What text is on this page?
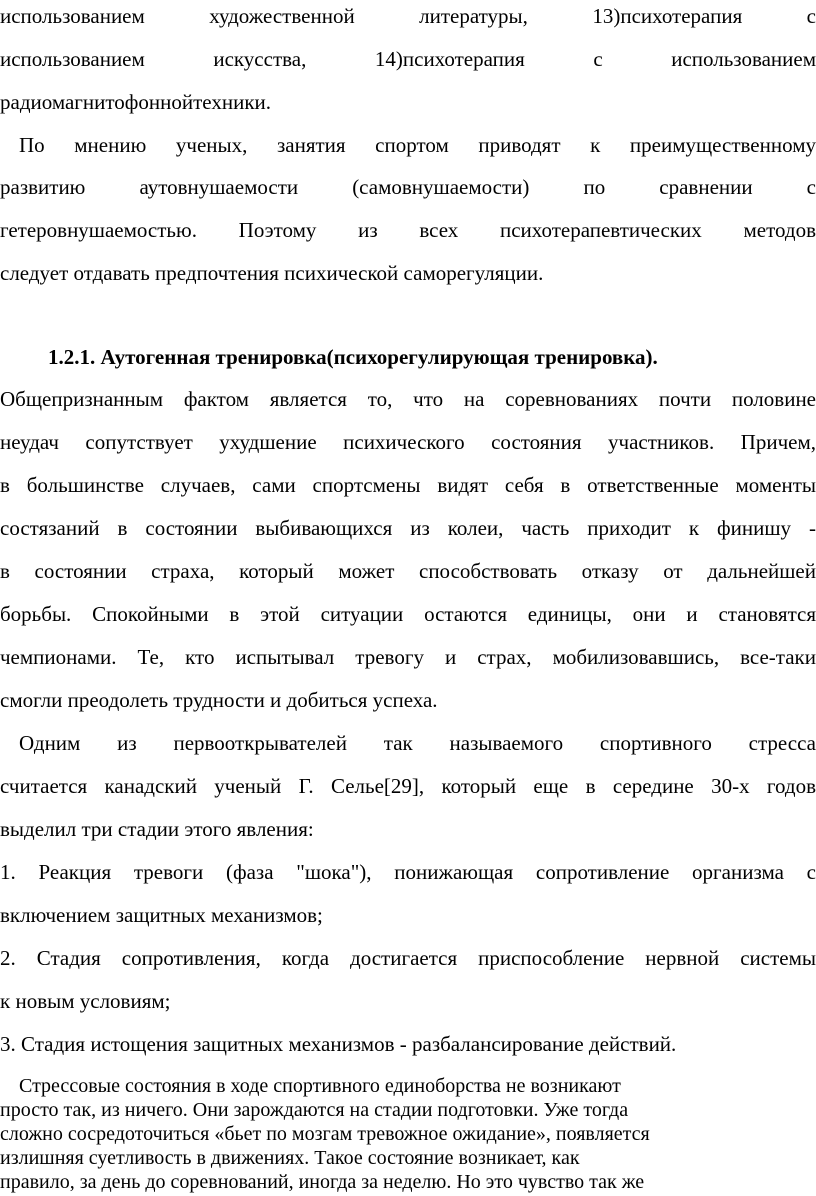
использованием художественной литературы, 13)психотерапия с
использованием искусства, 14)психотерапия с использованием
радиомагнитофоннойтехники.
По мнению ученых, занятия спортом приводят к преимущественному
развитию аутовнушаемости (самовнушаемости) по сравнении с
гетеровнушаемостью. Поэтому из всех психотерапевтических методов
следует отдавать предпочтения психической саморегуляции.
1.2.1. Аутогенная тренировка(психорегулирующая тренировка).
Общепризнанным фактом является то, что на соревнованиях почти половине
неудач сопутствует ухудшение психического состояния участников. Причем,
в большинстве случаев, сами спортсмены видят себя в ответственные моменты
состязаний в состоянии выбивающихся из колеи, часть приходит к финишу -
в состоянии страха, который может способствовать отказу от дальнейшей
борьбы. Спокойными в этой ситуации остаются единицы, они и становятся
чемпионами. Те, кто испытывал тревогу и страх, мобилизовавшись, все-таки
смогли преодолеть трудности и добиться успеха.
Одним из первооткрывателей так называемого спортивного стресса
считается канадский ученый Г. Селье[29], который еще в середине 30-х годов
выделил три стадии этого явления:
1. Реакция тревоги (фаза "шока"), понижающая сопротивление организма с
включением защитных механизмов;
2. Стадия сопротивления, когда достигается приспособление нервной системы
к новым условиям;
3. Стадия истощения защитных механизмов - разбалансирование действий.
Стрессовые состояния в ходе спортивного единоборства не возникают
просто так, из ничего. Они зарождаются на стадии подготовки. Уже тогда
сложно сосредоточиться «бьет по мозгам тревожное ожидание», появляется
излишняя суетливость в движениях. Такое состояние возникает, как
правило, за день до соревнований, иногда за неделю. Но это чувство так же
